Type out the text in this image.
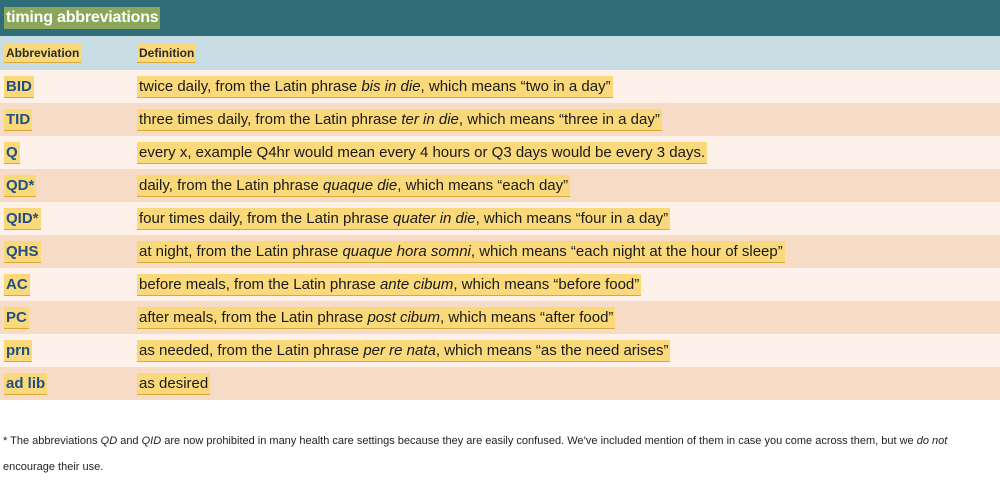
timing abbreviations
Abbreviation	Definition
BID	twice daily, from the Latin phrase bis in die, which means “two in a day”
TID	three times daily, from the Latin phrase ter in die, which means “three in a day”
Q	every x, example Q4hr would mean every 4 hours or Q3 days would be every 3 days.
QD*	daily, from the Latin phrase quaque die, which means “each day”
QID*	four times daily, from the Latin phrase quater in die, which means “four in a day”
QHS	at night, from the Latin phrase quaque hora somni, which means “each night at the hour of sleep”
AC	before meals, from the Latin phrase ante cibum, which means “before food”
PC	after meals, from the Latin phrase post cibum, which means “after food”
prn	as needed, from the Latin phrase per re nata, which means “as the need arises”
ad lib	as desired
* The abbreviations QD and QID are now prohibited in many health care settings because they are easily confused. We’ve included mention of them in case you come across them, but we do not encourage their use.
